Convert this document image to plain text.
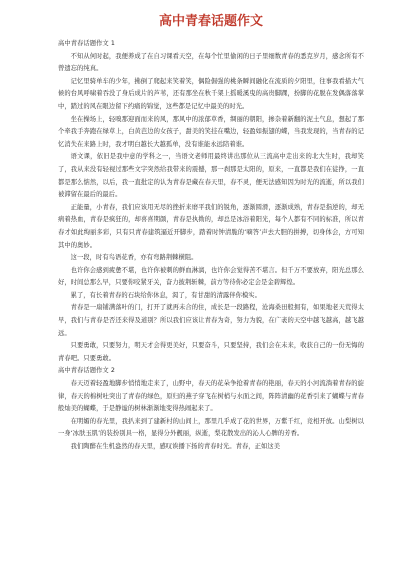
高中青春话题作文
高中青春话题作文 1

不知从何时起，我便养成了在自习课看天空，在每个忙里偷闲的日子里细数青春的悉克岁月，感念所有不曾遗忘的纯真。

记忆里骑单车的少年，拂倒了爬起来笑着笑，偶险倔强的桃条瞬间融化在流质的夕阳里，往事我看描大气候的台风呼啸着吞没了身后成片的芦苇，还有那坐在秋千架上摇暖溪曳的高贵脚踝，扮脚的花脱在发偶落落掌中，踏过的风在眼边留下约痛的锦觉，这些都是记忆中最美的时光。

坐在操场上，轻嗅那迎面而来的风，那风中的浓郁草香，绸丽的朝阳，掺杂着新翻的泥土气息，想起了那个牵我手奔跑在绿草上，白黄芭边的女孩子，甜美的笑挂在嘴边，轻盈如振翅的蝶，当我发现的，当青春的记忆消失在来路上时，我才明白越长大越孤单，没有谁能永远陪着谁。

语文课，依旧是我中意的学科之一，当语文老师用最终讲出那位从三流高中走出来的北大生时，我却笑了，我从来没有轻视过那些文字突然给我带来的震撼，那一刹那是太阳的，原来，一直都是我们在徒挣，一直都是那么惦然，以后，我一直批定的认为青春是藏在春天里，春不灵，便无法感知因为时光的流逝，所以我们被滞留在最后的最后。

正能量，小青春，我们应该用无尽的挫折来磨平我们的锐角，逐渐圆滑，逐渐成熟，青春是指逆的，却无病着热血，青春是疯狂的，却喜喜期颜，青春是执拗的，却总是冰浴着阳光，每个人都有不同的标准，所以青春才如此绚丽多彩，只有只青春建筑逼近开脚步，踏着时钟清脆的‘嘀答’声去大胆的拼搏，切身体会，方可知其中的奥妙。

这一段，时有鸟语花香，亦有弯路荆棘横阻。

也许你会感到疲惫不堪，也许你被刺的鲜血淋漓，也许你会觉得苦不堪言。但千万不要放弃，阳光总那么好，时间总那么早，只要你咬紧牙关，奋力披荆斩棘，前方等待你必定会是金碧辉煌。

累了，有长着青春的石块给你休息，渴了，有甘甜的清露伴你模实。

青春是一扇铺满落叶的门，打开了就再未合的住，成长是一段路程，沧海桑田般拥有，如果地老天荒得太早，我们与青春是否还来得及道别？所以我们应该让青春为奇，努力为貌，在广袤的天空中越飞越高，越飞越远。

只要勇敢，只要努力，明天才会得更美好，只要奋斗，只要坚持，我们会在未来，收获自己的一份无悔的青春吧。只要勇敢。

高中青春话题作文 2

春天迈着轻盈地脚步悄悄地走来了，山野中，春天的花朵争抢着青春的艳丽，春天的小河流淌着青春的旋律，春天的棉树吐突出了青春的绿色，原归的燕子穿飞在树梢与水面之间，阵阵清幽的花香引来了蝴蝶与青春般灿美的蝴蝶，于是静谧的树林渐渐地变得热闹起来了。

在明媚的春光里，我扒来到了建新村的山间上，那里几乎成了花的世界，万紫千红，竞相开放。山梨树以一身‘冰肤玉肌’的装扮别具一格，显得分外靓丽，纵逝，梨花散发出的沁人心脾的芳香。

我们陶醉在生机盎然的春天里，感叹诶播下扬的青春时光。青春，正如这美
